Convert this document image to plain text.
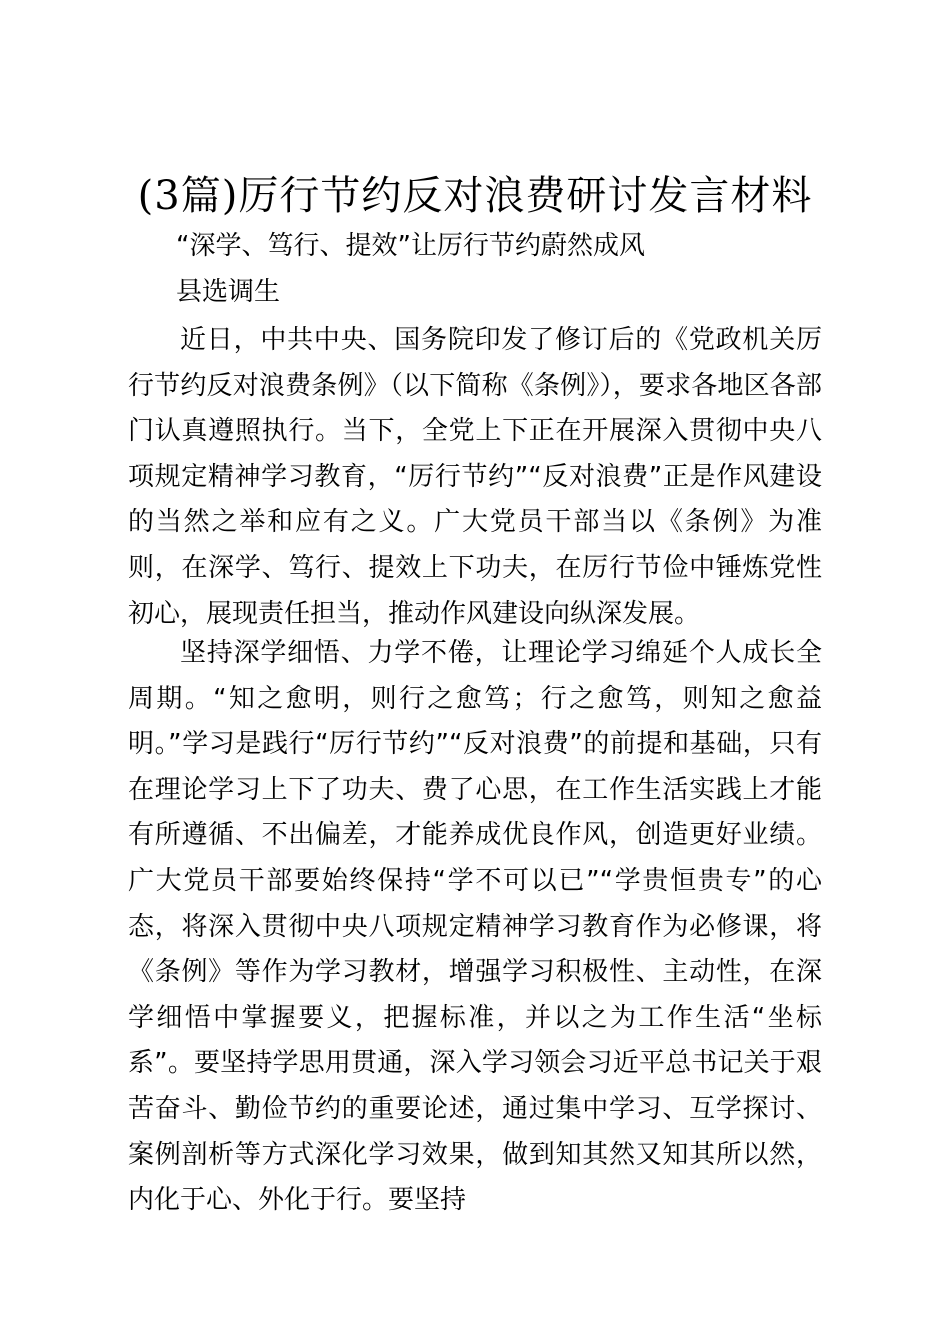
(3篇)厉行节约反对浪费研讨发言材料

“深学、笃行、提效”让厉行节约蔚然成风

县选调生

近日，中共中央、国务院印发了修订后的《党政机关厉行节约反对浪费条例》（以下简称《条例》），要求各地区各部门认真遵照执行。当下，全党上下正在开展深入贯彻中央八项规定精神学习教育，“厉行节约”“反对浪费”正是作风建设的当然之举和应有之义。广大党员干部当以《条例》为准则，在深学、笃行、提效上下功夫，在厉行节俭中锤炼党性初心，展现责任担当，推动作风建设向纵深发展。

坚持深学细悟、力学不倦，让理论学习绵延个人成长全周期。“知之愈明，则行之愈笃；行之愈笃，则知之愈益明。”学习是践行“厉行节约”“反对浪费”的前提和基础，只有在理论学习上下了功夫、费了心思，在工作生活实践上才能有所遵循、不出偏差，才能养成优良作风，创造更好业绩。广大党员干部要始终保持“学不可以已”“学贵恒贵专”的心态，将深入贯彻中央八项规定精神学习教育作为必修课，将《条例》等作为学习教材，增强学习积极性、主动性，在深学细悟中掌握要义，把握标准，并以之为工作生活“坐标系”。要坚持学思用贯通，深入学习领会习近平总书记关于艰苦奋斗、勤俭节约的重要论述，通过集中学习、互学探讨、案例剖析等方式深化学习效果，做到知其然又知其所以然，内化于心、外化于行。要坚持
